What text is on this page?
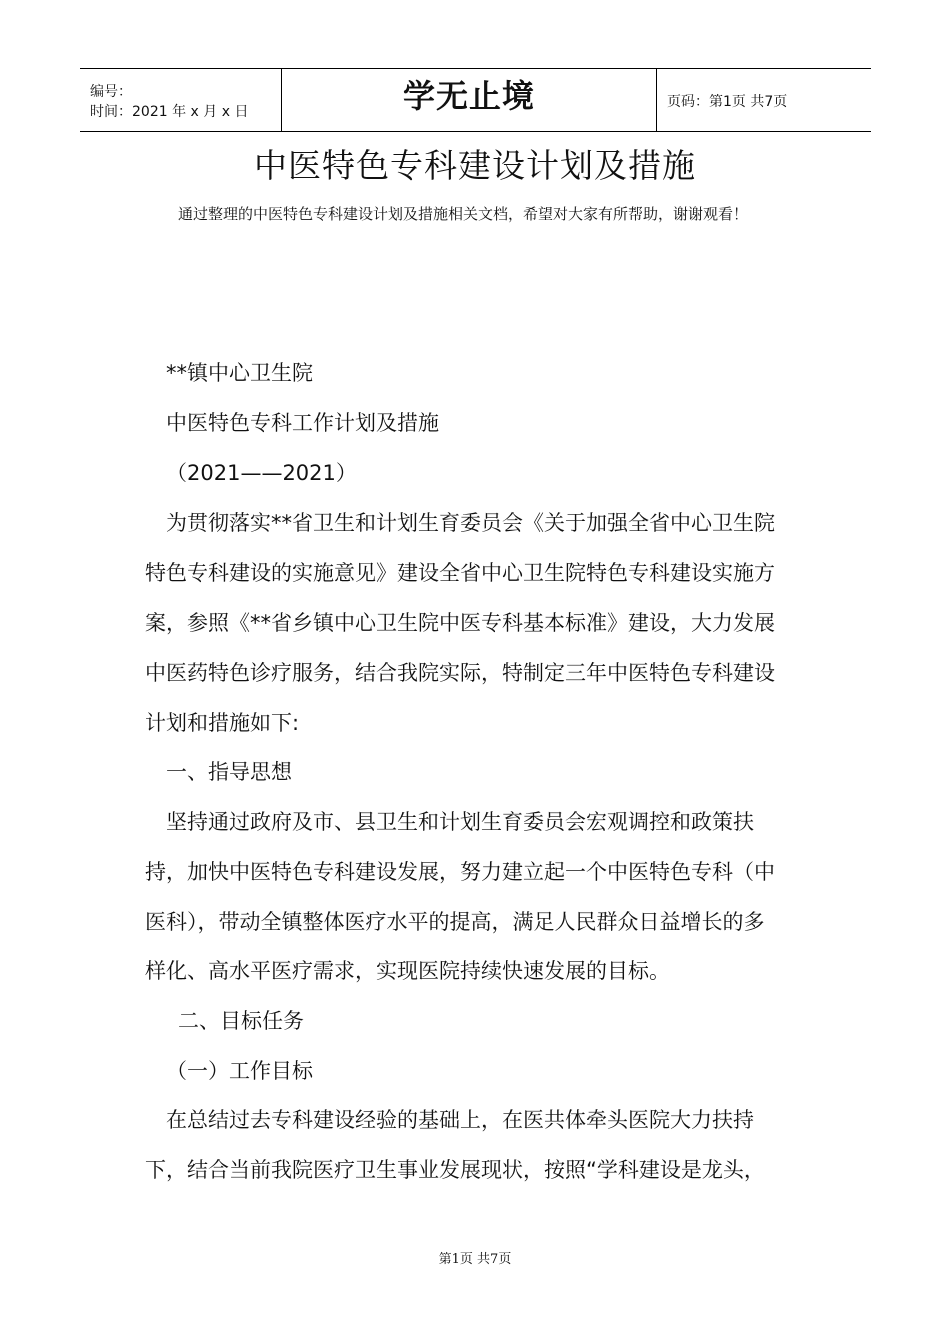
编号：
时间：2021 年 x 月 x 日	学无止境	页码：第1页 共7页
中医特色专科建设计划及措施
通过整理的中医特色专科建设计划及措施相关文档，希望对大家有所帮助，谢谢观看！
**镇中心卫生院
中医特色专科工作计划及措施
（2021——2021）
为贯彻落实**省卫生和计划生育委员会《关于加强全省中心卫生院
特色专科建设的实施意见》建设全省中心卫生院特色专科建设实施方
案，参照《**省乡镇中心卫生院中医专科基本标准》建设，大力发展
中医药特色诊疗服务，结合我院实际，特制定三年中医特色专科建设
计划和措施如下:
一、指导思想
坚持通过政府及市、县卫生和计划生育委员会宏观调控和政策扶
持，加快中医特色专科建设发展，努力建立起一个中医特色专科（中
医科），带动全镇整体医疗水平的提高，满足人民群众日益增长的多
样化、高水平医疗需求，实现医院持续快速发展的目标。
二、目标任务
（一）工作目标
在总结过去专科建设经验的基础上，在医共体牵头医院大力扶持
下，结合当前我院医疗卫生事业发展现状，按照“学科建设是龙头，
第1页 共7页
